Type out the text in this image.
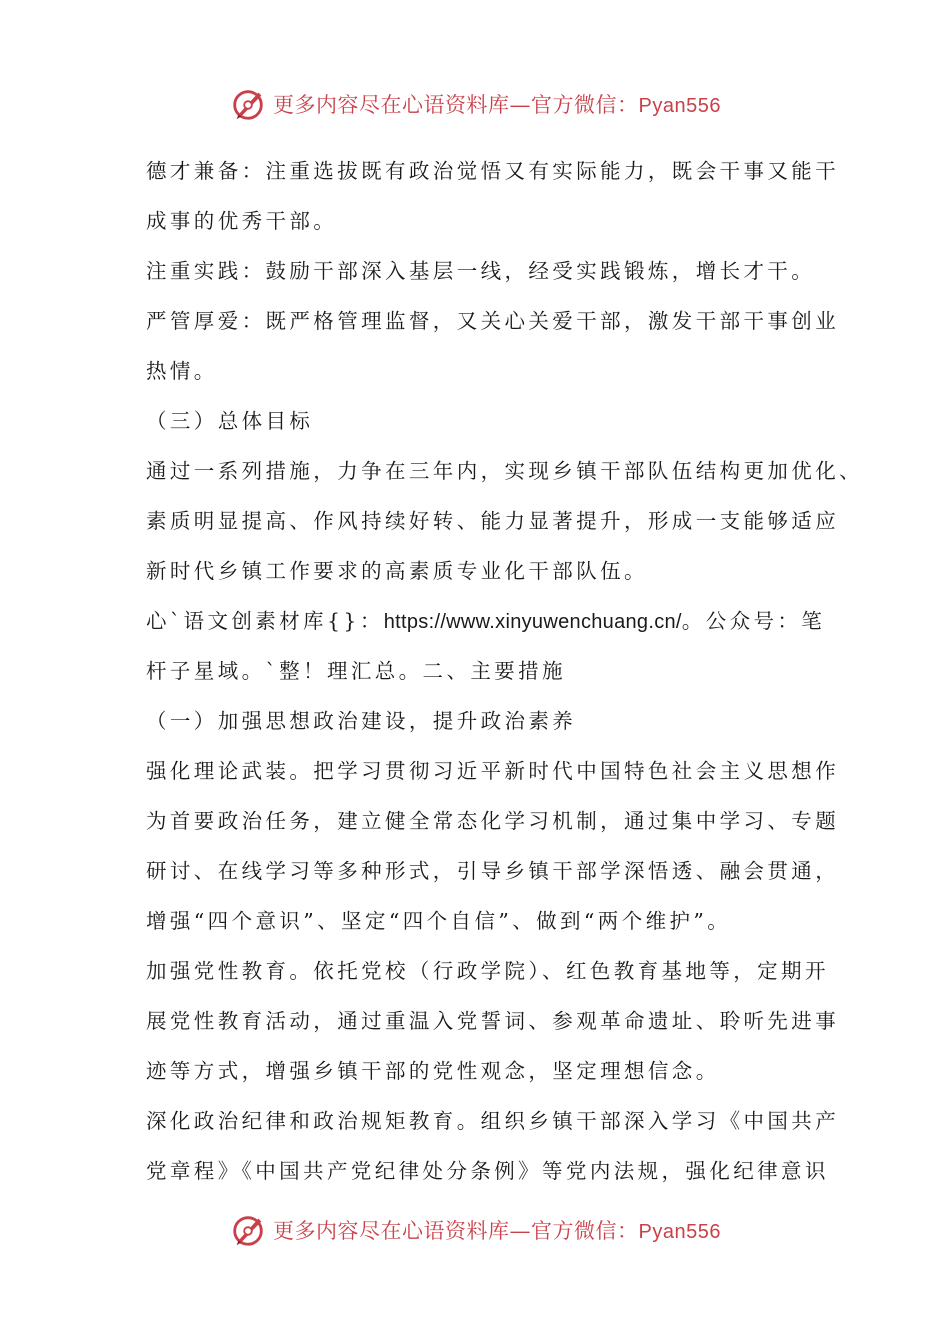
更多内容尽在心语资料库—官方微信：Pyan556
德才兼备：注重选拔既有政治觉悟又有实际能力，既会干事又能干
成事的优秀干部。
注重实践：鼓励干部深入基层一线，经受实践锻炼，增长才干。
严管厚爱：既严格管理监督，又关心关爱干部，激发干部干事创业
热情。
（三）总体目标
通过一系列措施，力争在三年内，实现乡镇干部队伍结构更加优化、
素质明显提高、作风持续好转、能力显著提升，形成一支能够适应
新时代乡镇工作要求的高素质专业化干部队伍。
心`语文创素材库{}：https://www.xinyuwenchuang.cn/。公众号：笔
杆子星域。`整！理汇总。二、主要措施
（一）加强思想政治建设，提升政治素养
强化理论武装。把学习贯彻习近平新时代中国特色社会主义思想作
为首要政治任务，建立健全常态化学习机制，通过集中学习、专题
研讨、在线学习等多种形式，引导乡镇干部学深悟透、融会贯通，
增强“四个意识”、坚定“四个自信”、做到“两个维护”。
加强党性教育。依托党校（行政学院）、红色教育基地等，定期开
展党性教育活动，通过重温入党誓词、参观革命遗址、聆听先进事
迹等方式，增强乡镇干部的党性观念，坚定理想信念。
深化政治纪律和政治规矩教育。组织乡镇干部深入学习《中国共产
党章程》《中国共产党纪律处分条例》等党内法规，强化纪律意识
更多内容尽在心语资料库—官方微信：Pyan556
